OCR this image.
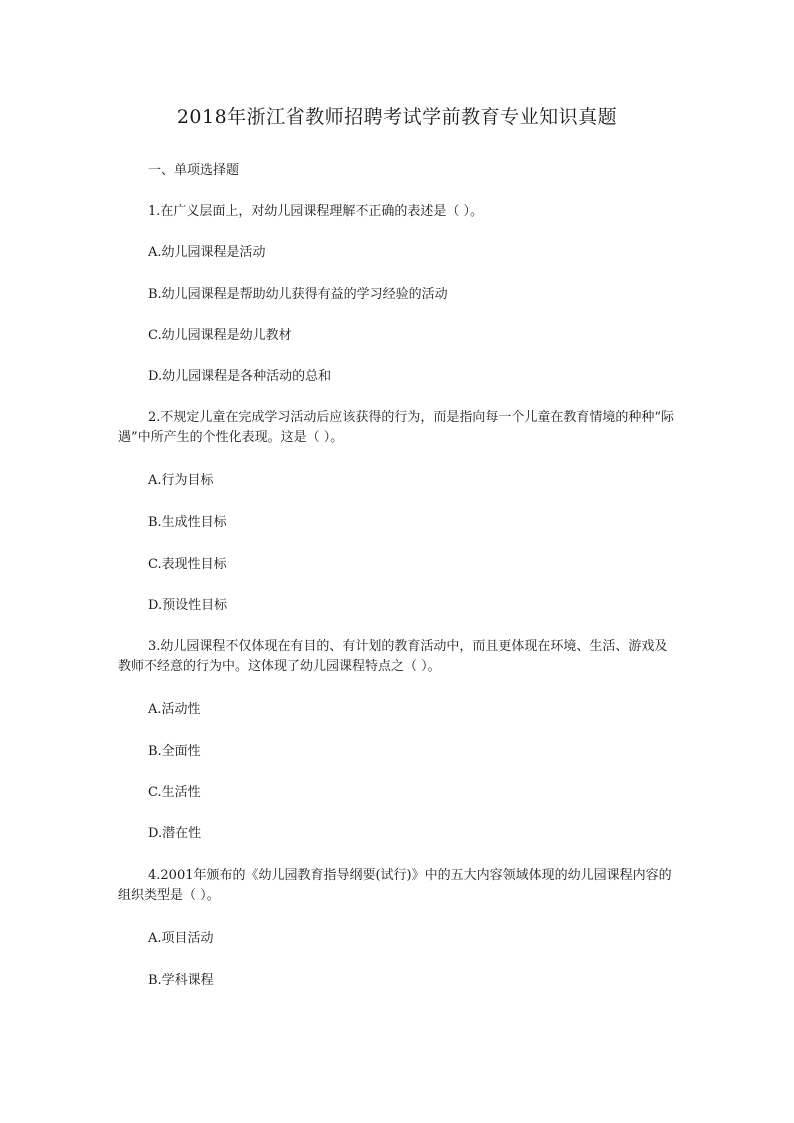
2018年浙江省教师招聘考试学前教育专业知识真题
一、单项选择题
1.在广义层面上，对幼儿园课程理解不正确的表述是（ ）。
A.幼儿园课程是活动
B.幼儿园课程是帮助幼儿获得有益的学习经验的活动
C.幼儿园课程是幼儿教材
D.幼儿园课程是各种活动的总和
2.不规定儿童在完成学习活动后应该获得的行为，而是指向每一个儿童在教育情境的种种“际遇”中所产生的个性化表现。这是（ ）。
A.行为目标
B.生成性目标
C.表现性目标
D.预设性目标
3.幼儿园课程不仅体现在有目的、有计划的教育活动中，而且更体现在环境、生活、游戏及教师不经意的行为中。这体现了幼儿园课程特点之（ ）。
A.活动性
B.全面性
C.生活性
D.潜在性
4.2001年颁布的《幼儿园教育指导纲要(试行)》中的五大内容领域体现的幼儿园课程内容的组织类型是（ ）。
A.项目活动
B.学科课程
